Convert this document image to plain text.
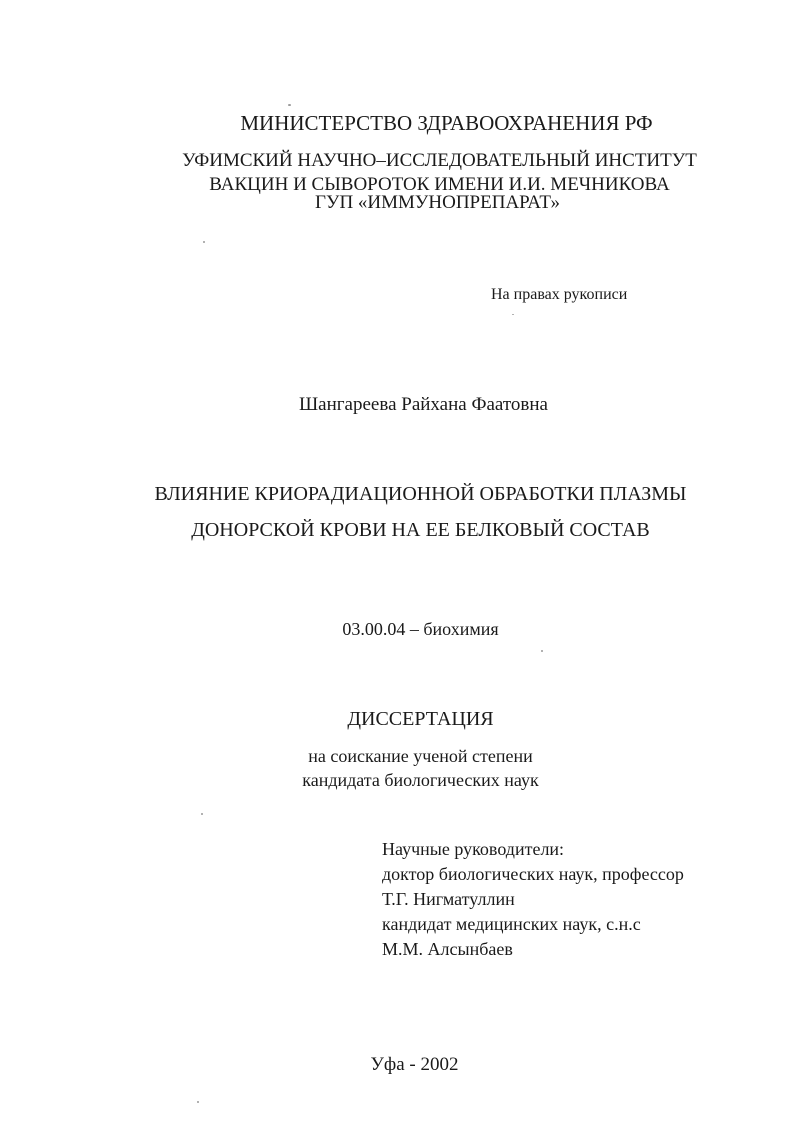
МИНИСТЕРСТВО ЗДРАВООХРАНЕНИЯ РФ
УФИМСКИЙ НАУЧНО–ИССЛЕДОВАТЕЛЬНЫЙ ИНСТИТУТ
ВАКЦИН И СЫВОРОТОК ИМЕНИ И.И. МЕЧНИКОВА
ГУП «ИММУНОПРЕПАРАТ»
На правах рукописи
Шангареева Райхана Фаатовна
ВЛИЯНИЕ КРИОРАДИАЦИОННОЙ ОБРАБОТКИ ПЛАЗМЫ
ДОНОРСКОЙ КРОВИ НА ЕЕ БЕЛКОВЫЙ СОСТАВ
03.00.04 – биохимия
ДИССЕРТАЦИЯ
на соискание ученой степени
кандидата биологических наук
Научные руководители:
доктор биологических наук, профессор
Т.Г. Нигматуллин
кандидат медицинских наук, с.н.с
М.М. Алсынбаев
Уфа - 2002
